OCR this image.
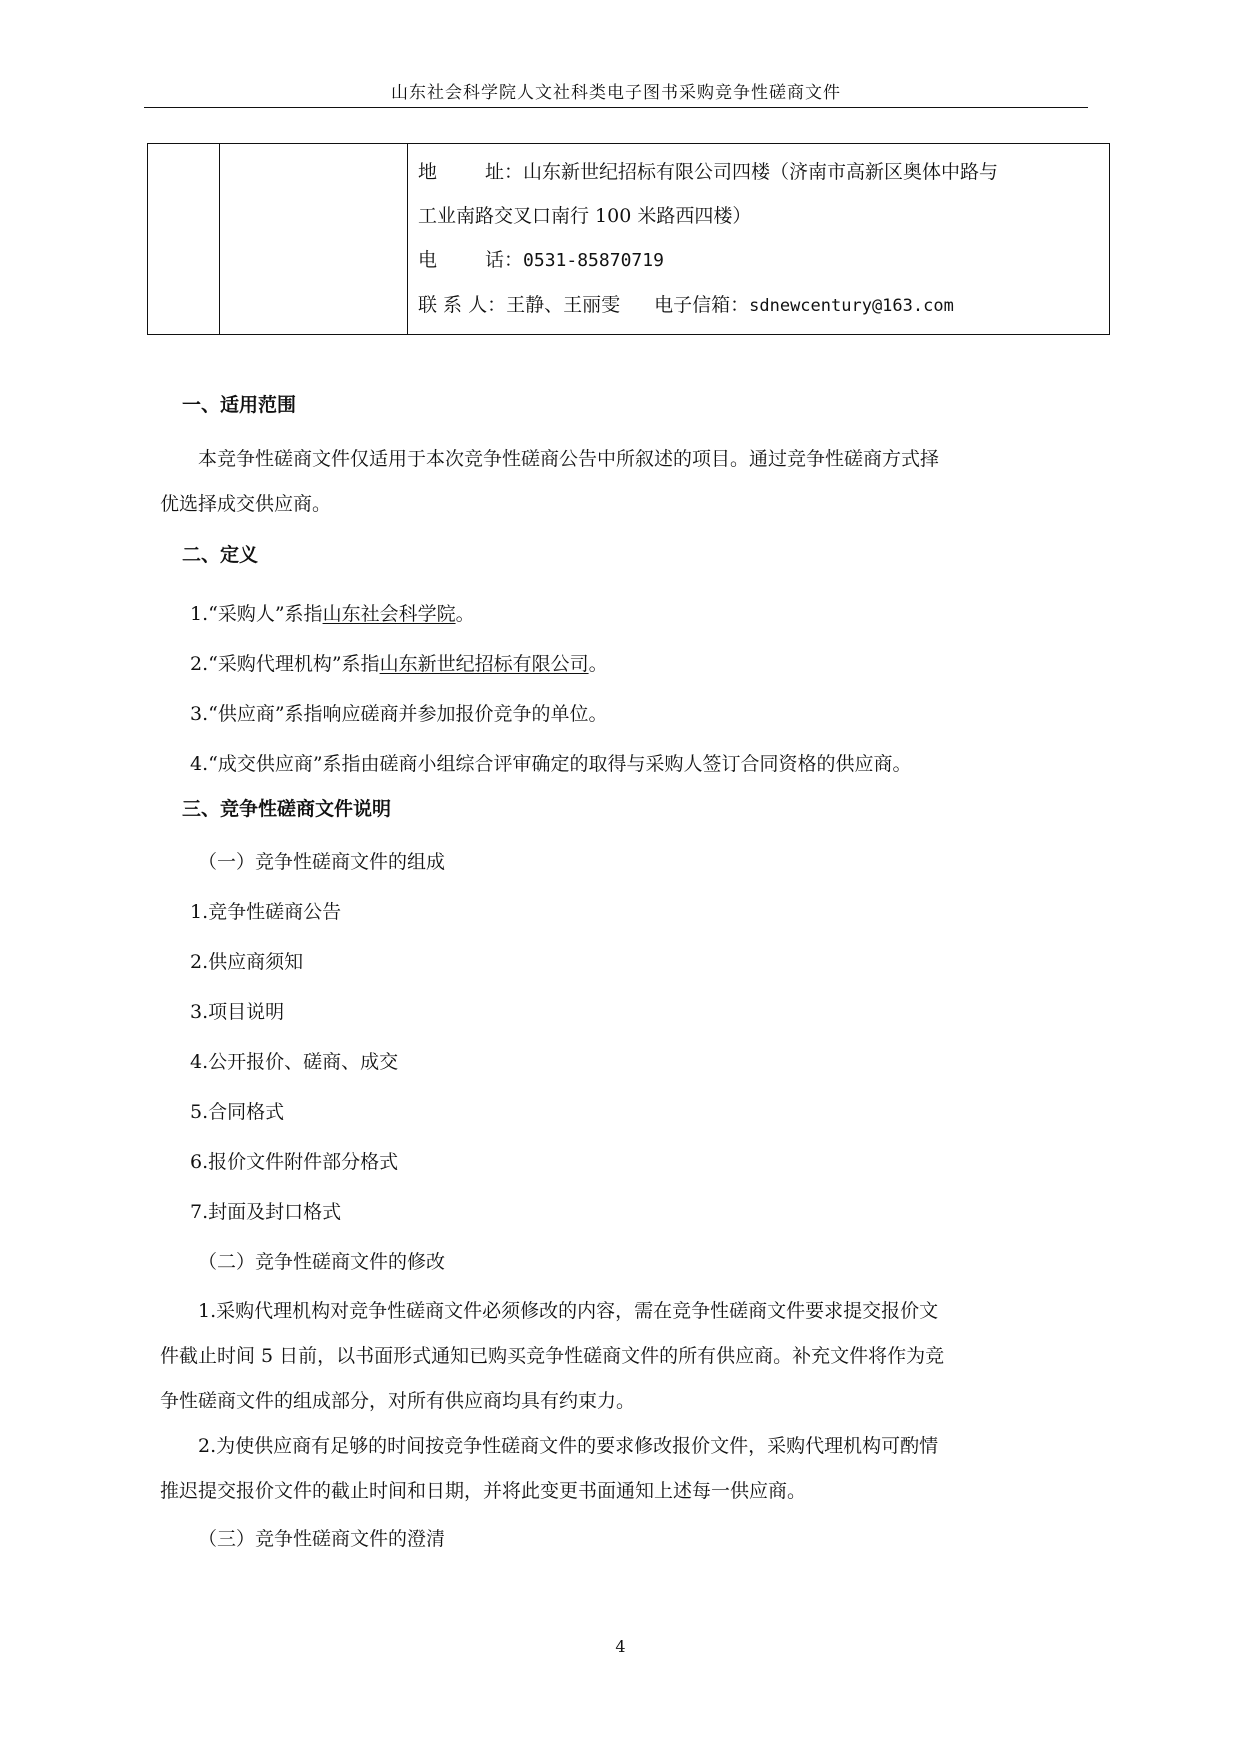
山东社会科学院人文社科类电子图书采购竞争性磋商文件

地	址：山东新世纪招标有限公司四楼（济南市高新区奥体中路与
工业南路交叉口南行 100 米路西四楼）
电	话：0531-85870719
联 系 人：王静、王丽雯 电子信箱：sdnewcentury@163.com

一、适用范围

本竞争性磋商文件仅适用于本次竞争性磋商公告中所叙述的项目。通过竞争性磋商方式择

优选择成交供应商。

二、定义

1.“采购人”系指山东社会科学院。

2.“采购代理机构”系指山东新世纪招标有限公司。

3.“供应商”系指响应磋商并参加报价竞争的单位。

4.“成交供应商”系指由磋商小组综合评审确定的取得与采购人签订合同资格的供应商。

三、竞争性磋商文件说明

（一）竞争性磋商文件的组成

1.竞争性磋商公告

2.供应商须知

3.项目说明

4.公开报价、磋商、成交

5.合同格式

6.报价文件附件部分格式

7.封面及封口格式

（二）竞争性磋商文件的修改

1.采购代理机构对竞争性磋商文件必须修改的内容，需在竞争性磋商文件要求提交报价文

件截止时间 5 日前，以书面形式通知已购买竞争性磋商文件的所有供应商。补充文件将作为竞

争性磋商文件的组成部分，对所有供应商均具有约束力。

2.为使供应商有足够的时间按竞争性磋商文件的要求修改报价文件，采购代理机构可酌情

推迟提交报价文件的截止时间和日期，并将此变更书面通知上述每一供应商。

（三）竞争性磋商文件的澄清

4
